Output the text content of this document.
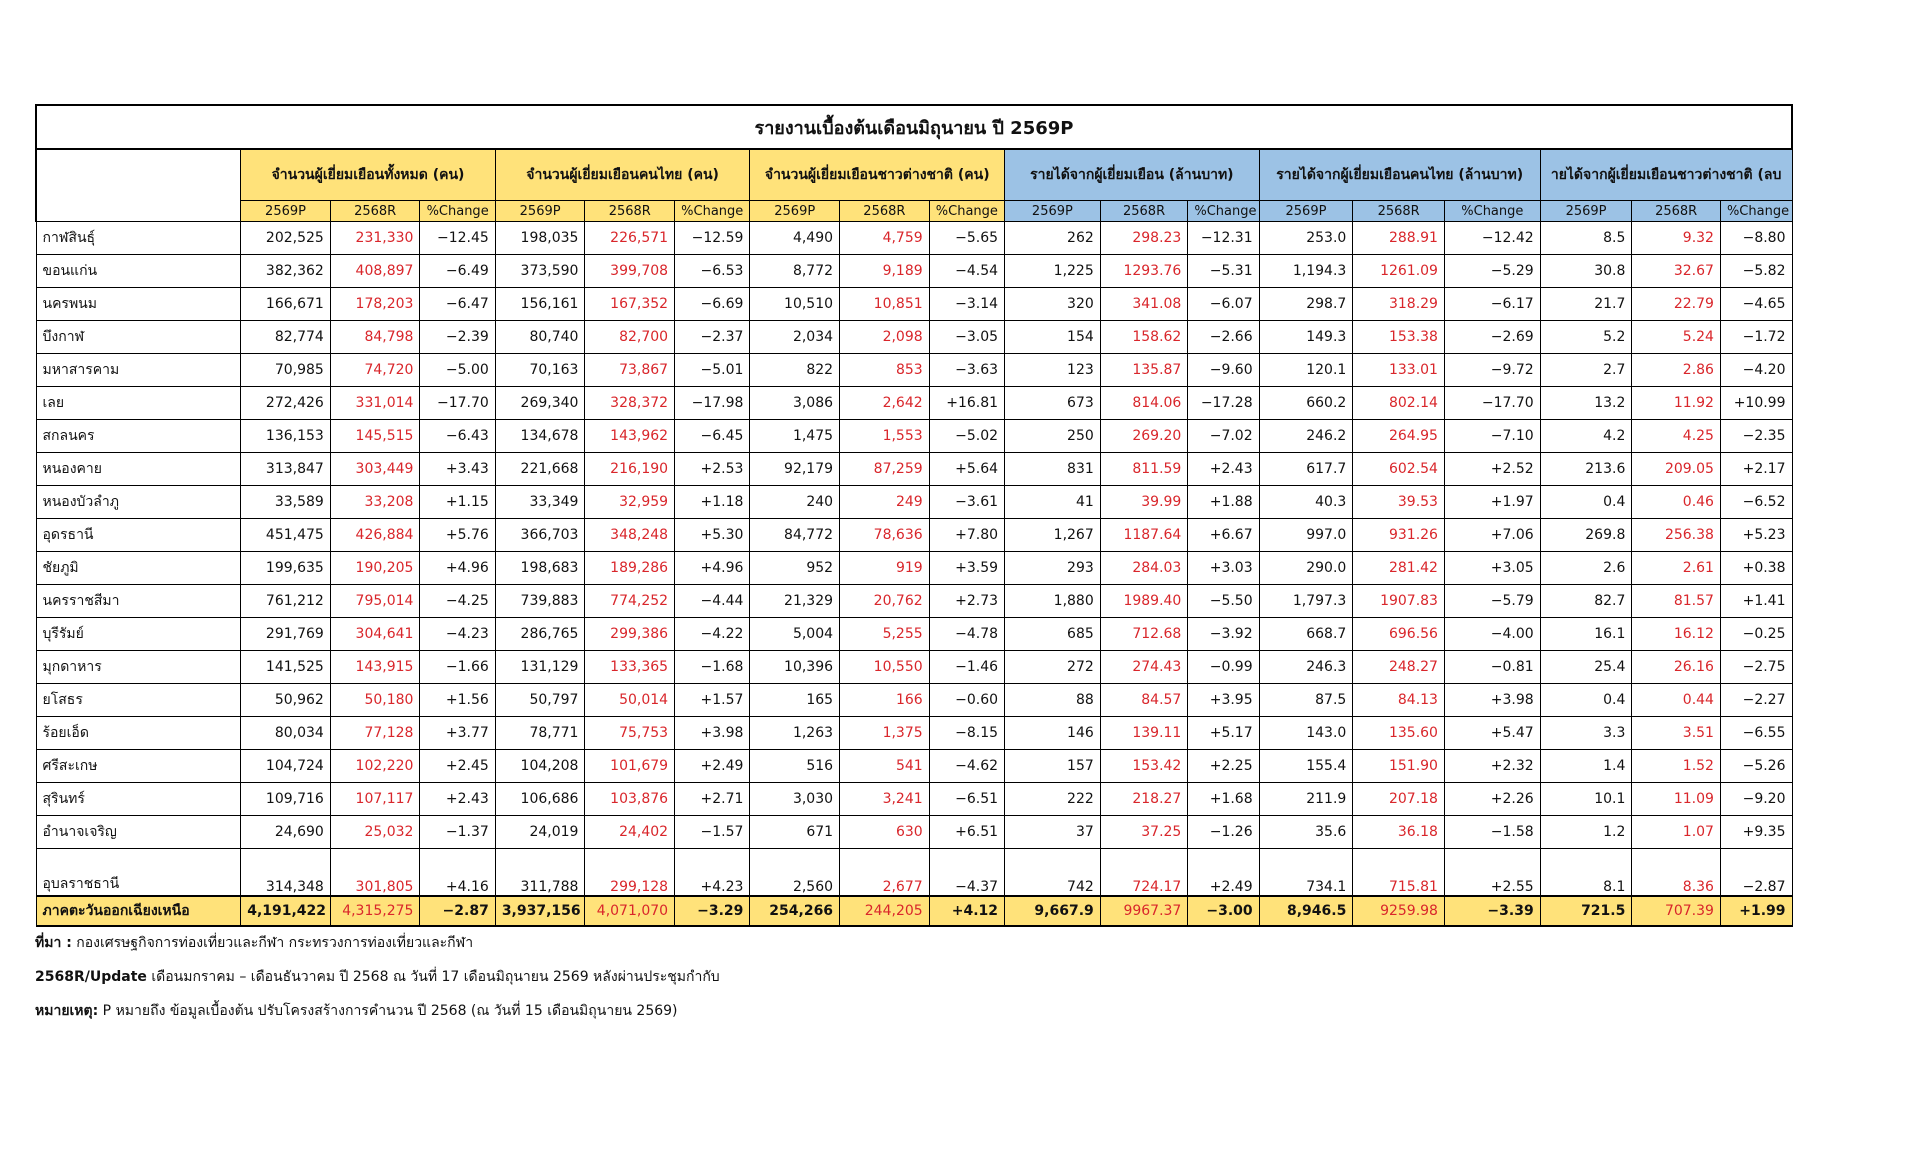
รายงานเบื้องต้นเดือนมิถุนายน ปี 2569P																		
	จำนวนผู้เยี่ยมเยือนทั้งหมด (คน)			จำนวนผู้เยี่ยมเยือนคนไทย (คน)			จำนวนผู้เยี่ยมเยือนชาวต่างชาติ (คน)			รายได้จากผู้เยี่ยมเยือน (ล้านบาท)			รายได้จากผู้เยี่ยมเยือนคนไทย (ล้านบาท)			ายได้จากผู้เยี่ยมเยือนชาวต่างชาติ (ลบ		
	2569P	2568R	%Change	2569P	2568R	%Change	2569P	2568R	%Change	2569P	2568R	%Change	2569P	2568R	%Change	2569P	2568R	%Change
กาฬสินธุ์	202,525	231,330	−12.45	198,035	226,571	−12.59	4,490	4,759	−5.65	262	298.23	−12.31	253.0	288.91	−12.42	8.5	9.32	−8.80
ขอนแก่น	382,362	408,897	−6.49	373,590	399,708	−6.53	8,772	9,189	−4.54	1,225	1293.76	−5.31	1,194.3	1261.09	−5.29	30.8	32.67	−5.82
นครพนม	166,671	178,203	−6.47	156,161	167,352	−6.69	10,510	10,851	−3.14	320	341.08	−6.07	298.7	318.29	−6.17	21.7	22.79	−4.65
บึงกาฬ	82,774	84,798	−2.39	80,740	82,700	−2.37	2,034	2,098	−3.05	154	158.62	−2.66	149.3	153.38	−2.69	5.2	5.24	−1.72
มหาสารคาม	70,985	74,720	−5.00	70,163	73,867	−5.01	822	853	−3.63	123	135.87	−9.60	120.1	133.01	−9.72	2.7	2.86	−4.20
เลย	272,426	331,014	−17.70	269,340	328,372	−17.98	3,086	2,642	+16.81	673	814.06	−17.28	660.2	802.14	−17.70	13.2	11.92	+10.99
สกลนคร	136,153	145,515	−6.43	134,678	143,962	−6.45	1,475	1,553	−5.02	250	269.20	−7.02	246.2	264.95	−7.10	4.2	4.25	−2.35
หนองคาย	313,847	303,449	+3.43	221,668	216,190	+2.53	92,179	87,259	+5.64	831	811.59	+2.43	617.7	602.54	+2.52	213.6	209.05	+2.17
หนองบัวลำภู	33,589	33,208	+1.15	33,349	32,959	+1.18	240	249	−3.61	41	39.99	+1.88	40.3	39.53	+1.97	0.4	0.46	−6.52
อุดรธานี	451,475	426,884	+5.76	366,703	348,248	+5.30	84,772	78,636	+7.80	1,267	1187.64	+6.67	997.0	931.26	+7.06	269.8	256.38	+5.23
ชัยภูมิ	199,635	190,205	+4.96	198,683	189,286	+4.96	952	919	+3.59	293	284.03	+3.03	290.0	281.42	+3.05	2.6	2.61	+0.38
นครราชสีมา	761,212	795,014	−4.25	739,883	774,252	−4.44	21,329	20,762	+2.73	1,880	1989.40	−5.50	1,797.3	1907.83	−5.79	82.7	81.57	+1.41
บุรีรัมย์	291,769	304,641	−4.23	286,765	299,386	−4.22	5,004	5,255	−4.78	685	712.68	−3.92	668.7	696.56	−4.00	16.1	16.12	−0.25
มุกดาหาร	141,525	143,915	−1.66	131,129	133,365	−1.68	10,396	10,550	−1.46	272	274.43	−0.99	246.3	248.27	−0.81	25.4	26.16	−2.75
ยโสธร	50,962	50,180	+1.56	50,797	50,014	+1.57	165	166	−0.60	88	84.57	+3.95	87.5	84.13	+3.98	0.4	0.44	−2.27
ร้อยเอ็ด	80,034	77,128	+3.77	78,771	75,753	+3.98	1,263	1,375	−8.15	146	139.11	+5.17	143.0	135.60	+5.47	3.3	3.51	−6.55
ศรีสะเกษ	104,724	102,220	+2.45	104,208	101,679	+2.49	516	541	−4.62	157	153.42	+2.25	155.4	151.90	+2.32	1.4	1.52	−5.26
สุรินทร์	109,716	107,117	+2.43	106,686	103,876	+2.71	3,030	3,241	−6.51	222	218.27	+1.68	211.9	207.18	+2.26	10.1	11.09	−9.20
อำนาจเจริญ	24,690	25,032	−1.37	24,019	24,402	−1.57	671	630	+6.51	37	37.25	−1.26	35.6	36.18	−1.58	1.2	1.07	+9.35
อุบลราชธานี	314,348	301,805	+4.16	311,788	299,128	+4.23	2,560	2,677	−4.37	742	724.17	+2.49	734.1	715.81	+2.55	8.1	8.36	−2.87
ภาคตะวันออกเฉียงเหนือ	4,191,422	4,315,275	−2.87	3,937,156	4,071,070	−3.29	254,266	244,205	+4.12	9,667.9	9967.37	−3.00	8,946.5	9259.98	−3.39	721.5	707.39	+1.99
ที่มา : กองเศรษฐกิจการท่องเที่ยวและกีฬา กระทรวงการท่องเที่ยวและกีฬา
2568R/Update เดือนมกราคม – เดือนธันวาคม ปี 2568 ณ วันที่ 17 เดือนมิถุนายน 2569 หลังผ่านประชุมกำกับ
หมายเหตุ: P หมายถึง ข้อมูลเบื้องต้น ปรับโครงสร้างการคำนวน ปี 2568 (ณ วันที่ 15 เดือนมิถุนายน 2569)
